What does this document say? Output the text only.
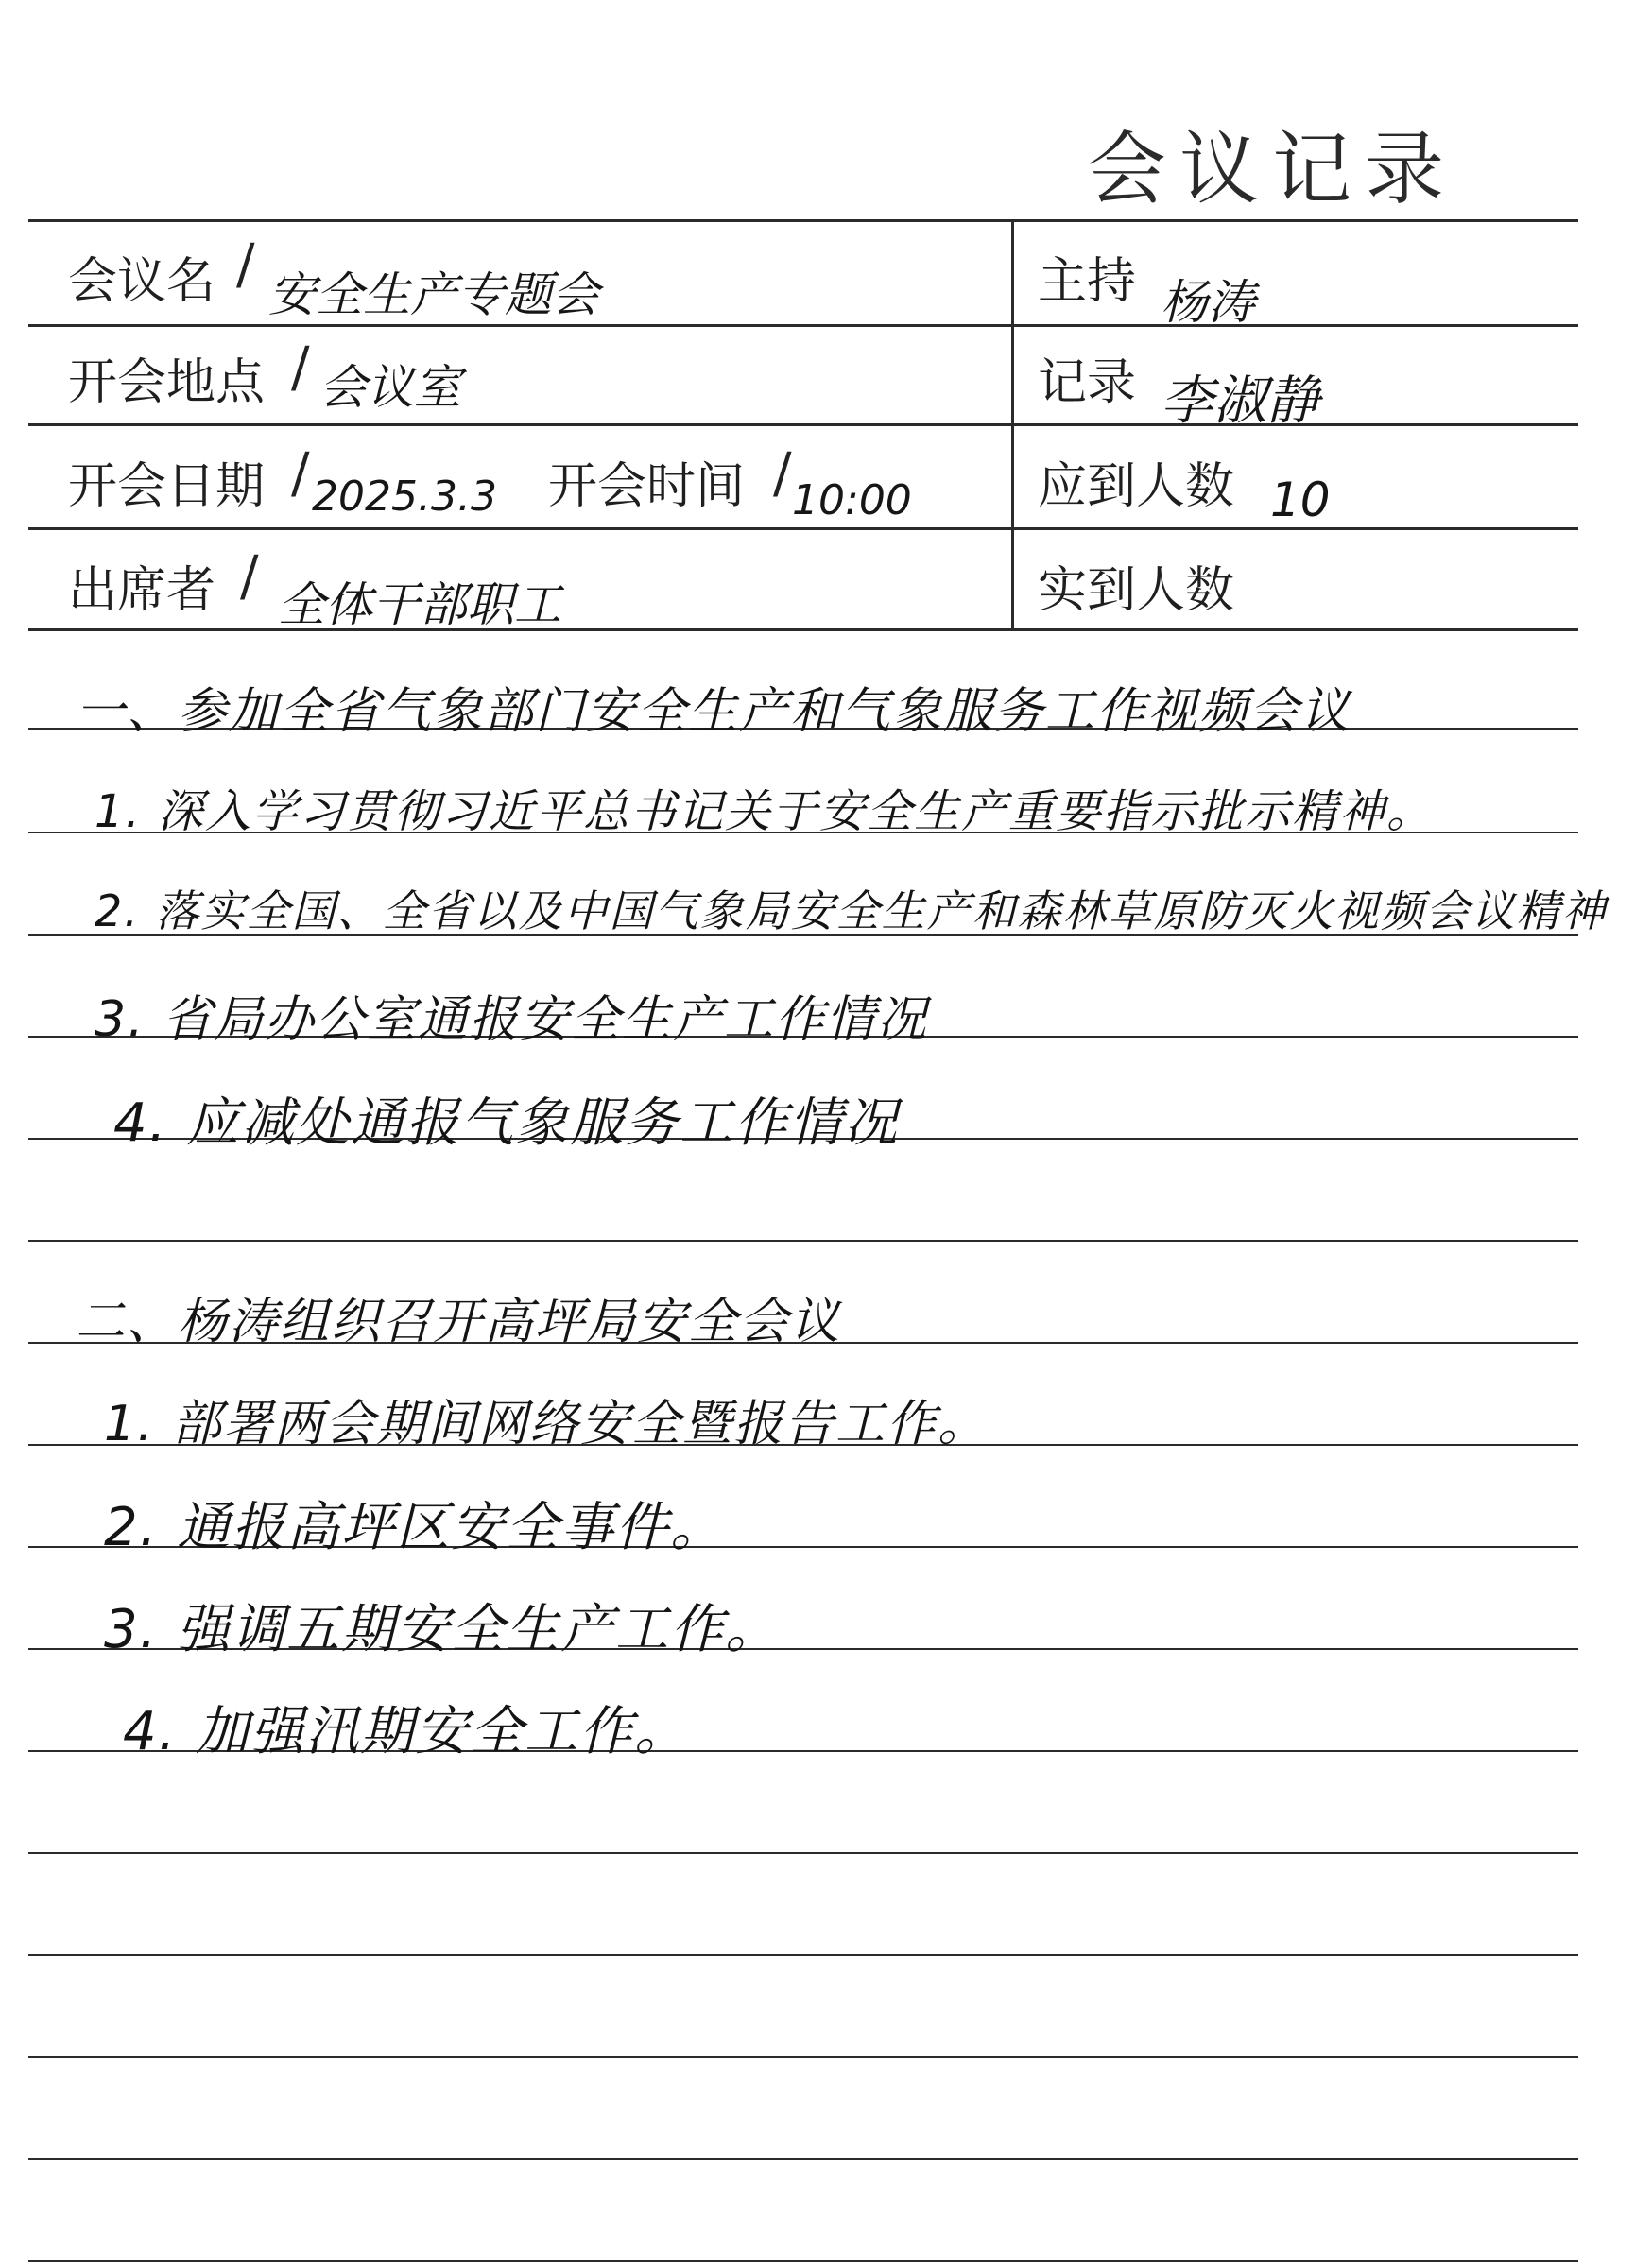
会议记录
会议名 / 安全生产专题会	主持 杨涛
开会地点 / 会议室	记录 李淑静
开会日期 / 2025.3.3 开会时间 / 10:00	应到人数 10
出席者 / 全体干部职工	实到人数
一、参加全省气象部门安全生产和气象服务工作视频会议
1. 深入学习贯彻习近平总书记关于安全生产重要指示批示精神。
2. 落实全国、全省以及中国气象局安全生产和森林草原防灭火视频会议精神
3. 省局办公室通报安全生产工作情况
4. 应减处通报气象服务工作情况
二、杨涛组织召开高坪局安全会议
1. 部署两会期间网络安全暨报告工作。
2. 通报高坪区安全事件。
3. 强调五期安全生产工作。
4. 加强汛期安全工作。
